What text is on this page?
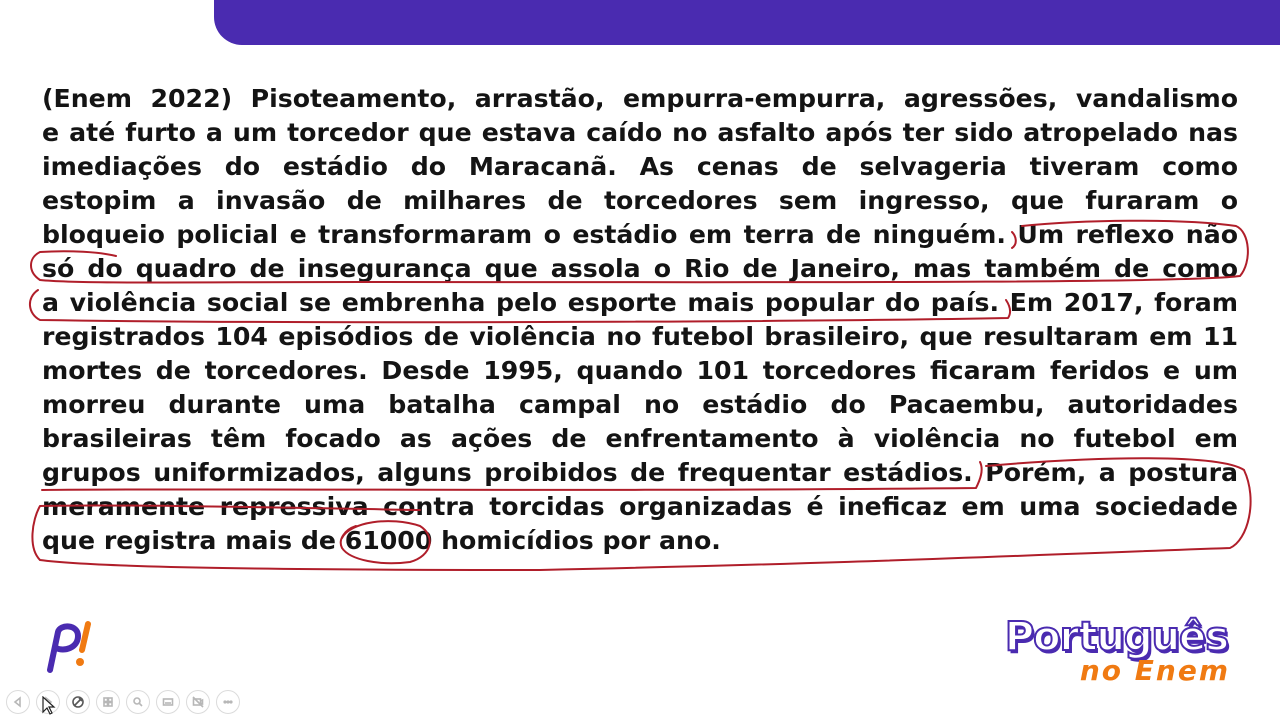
(Enem 2022) Pisoteamento, arrastão, empurra-empurra, agressões, vandalismo
e até furto a um torcedor que estava caído no asfalto após ter sido atropelado nas
imediações do estádio do Maracanã. As cenas de selvageria tiveram como
estopim a invasão de milhares de torcedores sem ingresso, que furaram o
bloqueio policial e transformaram o estádio em terra de ninguém. Um reflexo não
só do quadro de insegurança que assola o Rio de Janeiro, mas também de como
a violência social se embrenha pelo esporte mais popular do país. Em 2017, foram
registrados 104 episódios de violência no futebol brasileiro, que resultaram em 11
mortes de torcedores. Desde 1995, quando 101 torcedores ficaram feridos e um
morreu durante uma batalha campal no estádio do Pacaembu, autoridades
brasileiras têm focado as ações de enfrentamento à violência no futebol em
grupos uniformizados, alguns proibidos de frequentar estádios. Porém, a postura
meramente repressiva contra torcidas organizadas é ineficaz em uma sociedade
que registra mais de 61000 homicídios por ano.
Português
no Enem
